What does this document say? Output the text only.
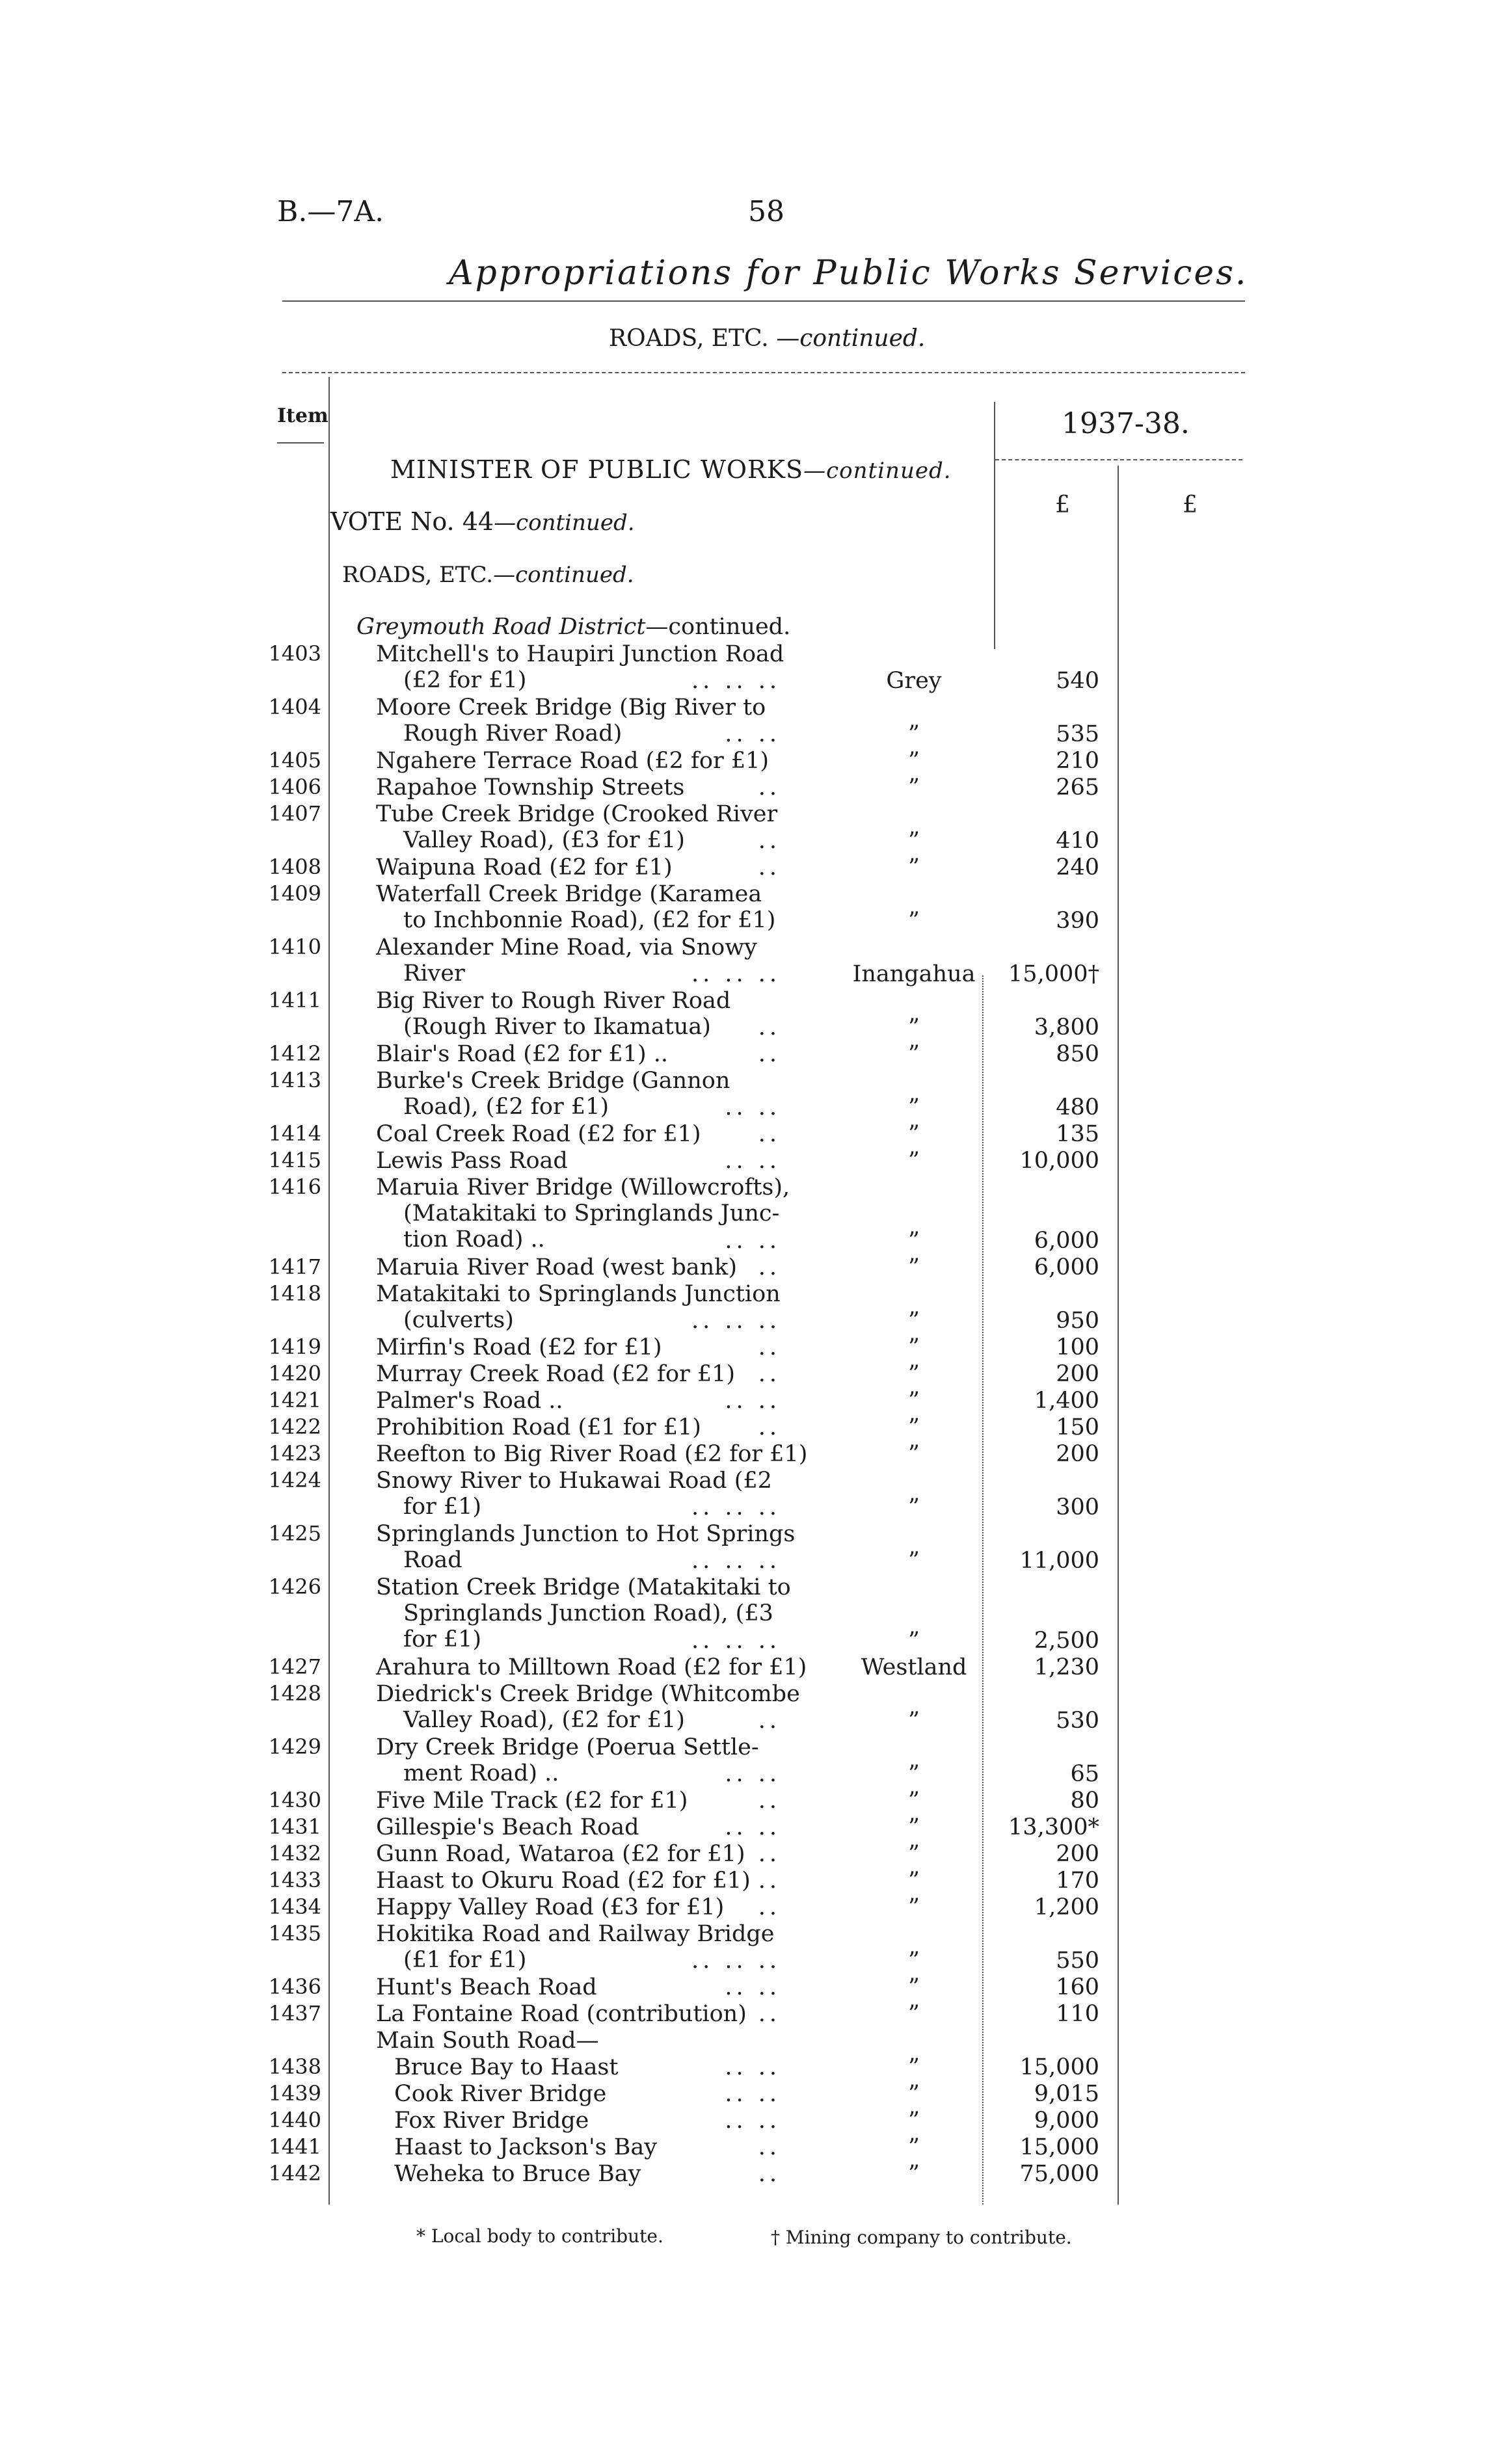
B.—7A.	58
Appropriations for Public Works Services.
ROADS, ETC. —continued.
Item	1937-38.
£	£
MINISTER OF PUBLIC WORKS—continued.
VOTE No. 44—continued.
ROADS, ETC.—continued.
Greymouth Road District—continued.
1403 Mitchell's to Haupiri Junction Road
(£2 for £1)	.. .. ..	Grey	540
1404 Moore Creek Bridge (Big River to
Rough River Road)	.. ..	”	535
1405 Ngahere Terrace Road (£2 for £1)	”	210
1406 Rapahoe Township Streets	..	”	265
1407 Tube Creek Bridge (Crooked River
Valley Road), (£3 for £1)	..	”	410
1408 Waipuna Road (£2 for £1)	..	”	240
1409 Waterfall Creek Bridge (Karamea
to Inchbonnie Road), (£2 for £1)	”	390
1410 Alexander Mine Road, via Snowy
River	.. .. ..	Inangahua	15,000†
1411 Big River to Rough River Road
(Rough River to Ikamatua)	..	”	3,800
1412 Blair's Road (£2 for £1) ..	..	”	850
1413 Burke's Creek Bridge (Gannon
Road), (£2 for £1)	.. ..	”	480
1414 Coal Creek Road (£2 for £1)	..	”	135
1415 Lewis Pass Road	.. ..	”	10,000
1416 Maruia River Bridge (Willowcrofts),
(Matakitaki to Springlands Junc-
tion Road) ..	.. ..	”	6,000
1417 Maruia River Road (west bank) ..	”	6,000
1418 Matakitaki to Springlands Junction
(culverts)	.. .. ..	”	950
1419 Mirfin's Road (£2 for £1)	..	”	100
1420 Murray Creek Road (£2 for £1)	..	”	200
1421 Palmer's Road ..	.. ..	”	1,400
1422 Prohibition Road (£1 for £1)	..	”	150
1423 Reefton to Big River Road (£2 for £1)	”	200
1424 Snowy River to Hukawai Road (£2
for £1)	.. .. ..	”	300
1425 Springlands Junction to Hot Springs
Road	.. .. ..	”	11,000
1426 Station Creek Bridge (Matakitaki to
Springlands Junction Road), (£3
for £1)	.. .. ..	”	2,500
1427 Arahura to Milltown Road (£2 for £1)	Westland	1,230
1428 Diedrick's Creek Bridge (Whitcombe
Valley Road), (£2 for £1)	..	”	530
1429 Dry Creek Bridge (Poerua Settle-
ment Road) ..	.. ..	”	65
1430 Five Mile Track (£2 for £1)	..	”	80
1431 Gillespie's Beach Road	.. ..	”	13,300*
1432 Gunn Road, Wataroa (£2 for £1) ..	”	200
1433 Haast to Okuru Road (£2 for £1) ..	”	170
1434 Happy Valley Road (£3 for £1)	..	”	1,200
1435 Hokitika Road and Railway Bridge
(£1 for £1)	.. .. ..	”	550
1436 Hunt's Beach Road	.. ..	”	160
1437 La Fontaine Road (contribution) ..	”	110
Main South Road—
1438	Bruce Bay to Haast	.. ..	”	15,000
1439	Cook River Bridge	.. ..	”	9,015
1440	Fox River Bridge	.. ..	”	9,000
1441	Haast to Jackson's Bay	..	”	15,000
1442	Weheka to Bruce Bay	..	”	75,000
* Local body to contribute.	† Mining company to contribute.
